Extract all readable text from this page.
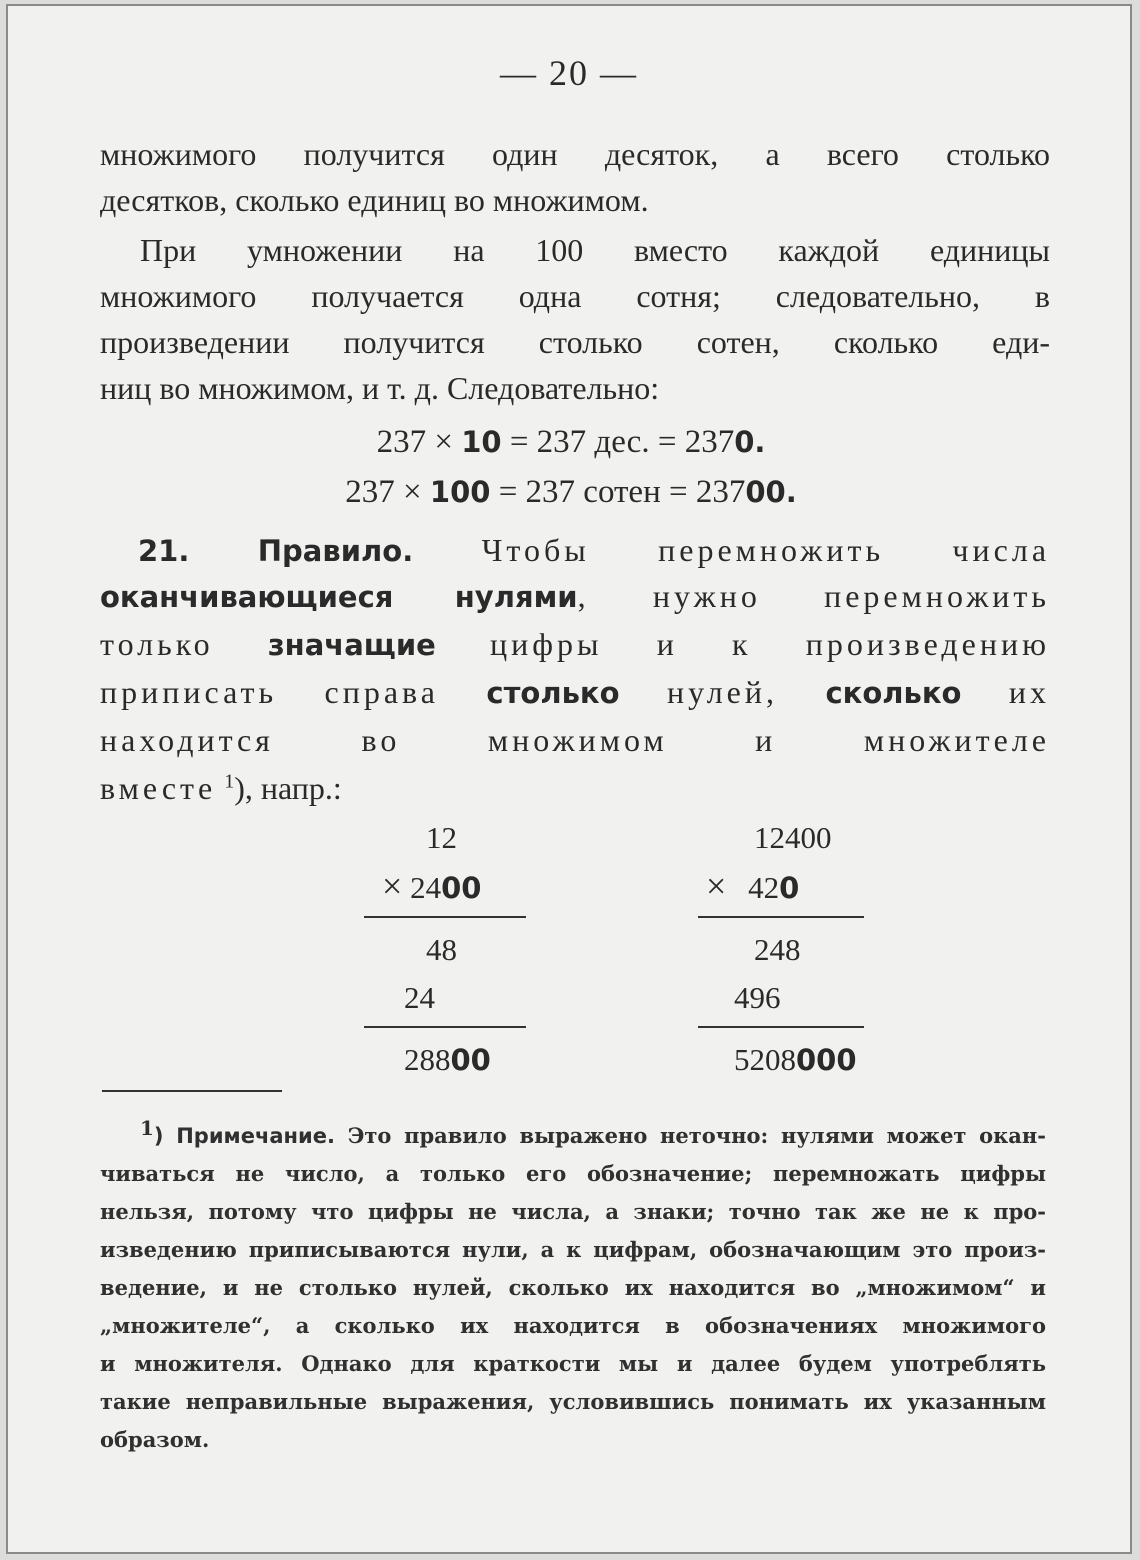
— 20 —
множимого получится один десяток, а всего столько
десятков, сколько единиц во множимом.
При умножении на 100 вместо каждой единицы
множимого получается одна сотня; следовательно, в
произведении получится столько сотен, сколько еди-
ниц во множимом, и т. д. Следовательно:
237 × 10 = 237 дес. = 2370.
237 × 100 = 237 сотен = 23700.
21. Правило. Чтобы перемножить числа
оканчивающиеся нулями, нужно перемножить
только значащие цифры и к произведению
приписать справа столько нулей, сколько их
находится во множимом и множителе
вместе $^1$), напр.:
12
× 2400
48
24
28800
12400
× 420
248
496
5208000
1) Примечание. Это правило выражено неточно: нулями может окан-
чиваться не число, а только его обозначение; перемножать цифры
нельзя, потому что цифры не числа, а знаки; точно так же не к про-
изведению приписываются нули, а к цифрам, обозначающим это произ-
ведение, и не столько нулей, сколько их находится во „множимом“ и
„множителе“, а сколько их находится в обозначениях множимого
и множителя. Однако для краткости мы и далее будем употреблять
такие неправильные выражения, условившись понимать их указанным
образом.
